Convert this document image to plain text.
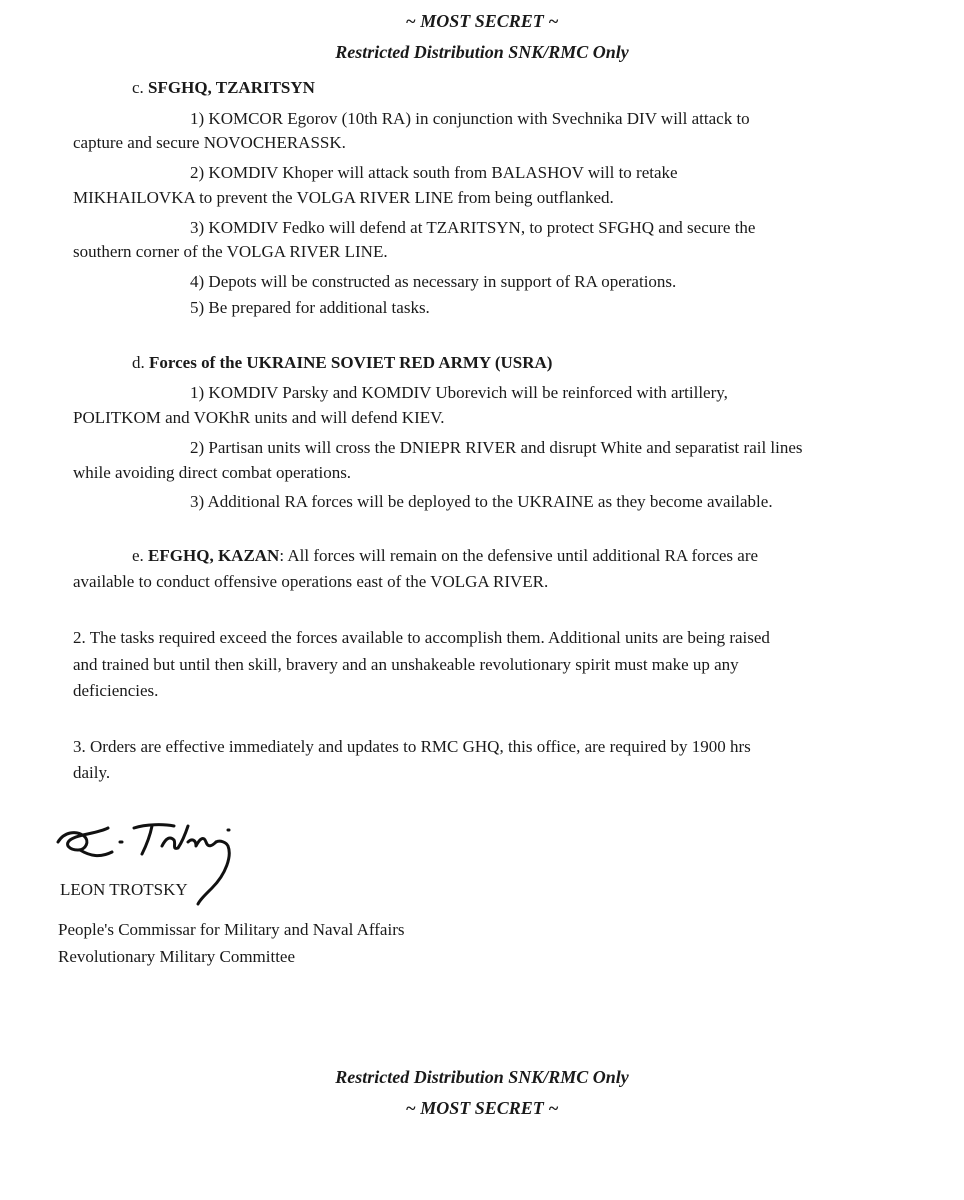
~ MOST SECRET ~
Restricted Distribution SNK/RMC Only
c. SFGHQ, TZARITSYN
1) KOMCOR Egorov (10th RA) in conjunction with Svechnika DIV will attack to
capture and secure NOVOCHERASSK.
2) KOMDIV Khoper will attack south from BALASHOV will to retake
MIKHAILOVKA to prevent the VOLGA RIVER LINE from being outflanked.
3) KOMDIV Fedko will defend at TZARITSYN, to protect SFGHQ and secure the
southern corner of the VOLGA RIVER LINE.
4) Depots will be constructed as necessary in support of RA operations.
5) Be prepared for additional tasks.
d. Forces of the UKRAINE SOVIET RED ARMY (USRA)
1) KOMDIV Parsky and KOMDIV Uborevich will be reinforced with artillery,
POLITKOM and VOKhR units and will defend KIEV.
2) Partisan units will cross the DNIEPR RIVER and disrupt White and separatist rail lines
while avoiding direct combat operations.
3) Additional RA forces will be deployed to the UKRAINE as they become available.
e. EFGHQ, KAZAN: All forces will remain on the defensive until additional RA forces are
available to conduct offensive operations east of the VOLGA RIVER.
2. The tasks required exceed the forces available to accomplish them. Additional units are being raised
and trained but until then skill, bravery and an unshakeable revolutionary spirit must make up any
deficiencies.
3. Orders are effective immediately and updates to RMC GHQ, this office, are required by 1900 hrs
daily.
LEON TROTSKY
People's Commissar for Military and Naval Affairs
Revolutionary Military Committee
Restricted Distribution SNK/RMC Only
~ MOST SECRET ~
